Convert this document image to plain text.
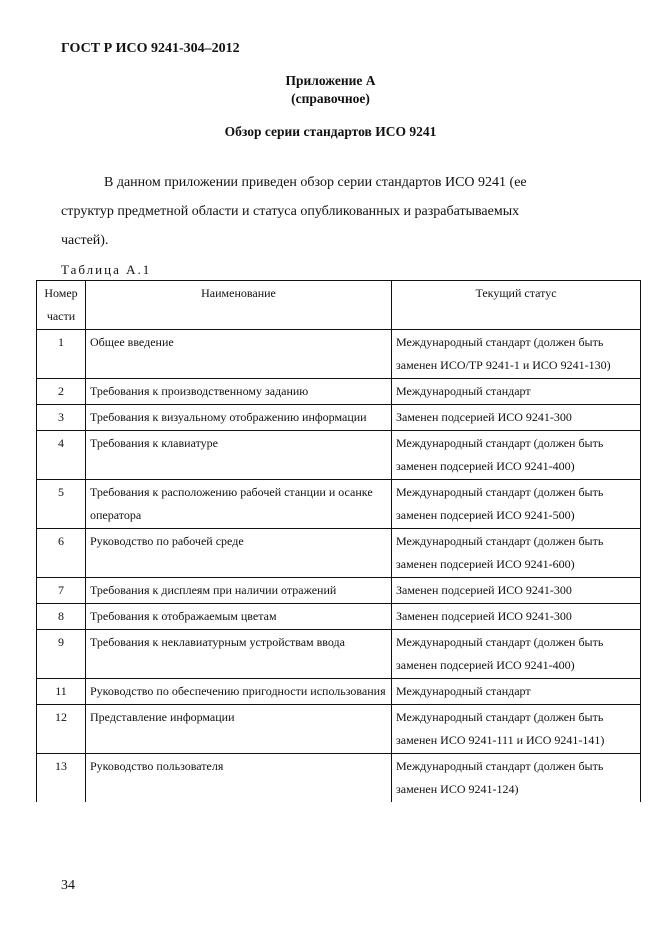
ГОСТ Р ИСО 9241-304–2012
Приложение А
(справочное)
Обзор серии стандартов ИСО 9241
В данном приложении приведен обзор серии стандартов ИСО 9241 (ее
структур предметной области и статуса опубликованных и разрабатываемых
частей).
Таблица А.1
Номер
части	Наименование	Текущий статус
1	Общее введение	Международный стандарт (должен быть заменен ИСО/ТР 9241-1 и ИСО 9241-130)
2	Требования к производственному заданию	Международный стандарт
3	Требования к визуальному отображению информации	Заменен подсерией ИСО 9241-300
4	Требования к клавиатуре	Международный стандарт (должен быть заменен подсерией ИСО 9241-400)
5	Требования к расположению рабочей станции и осанке оператора	Международный стандарт (должен быть заменен подсерией ИСО 9241-500)
6	Руководство по рабочей среде	Международный стандарт (должен быть заменен подсерией ИСО 9241-600)
7	Требования к дисплеям при наличии отражений	Заменен подсерией ИСО 9241-300
8	Требования к отображаемым цветам	Заменен подсерией ИСО 9241-300
9	Требования к неклавиатурным устройствам ввода	Международный стандарт (должен быть заменен подсерией ИСО 9241-400)
11	Руководство по обеспечению пригодности использования	Международный стандарт
12	Представление информации	Международный стандарт (должен быть заменен ИСО 9241-111 и ИСО 9241-141)
13	Руководство пользователя	Международный стандарт (должен быть заменен ИСО 9241-124)
34
